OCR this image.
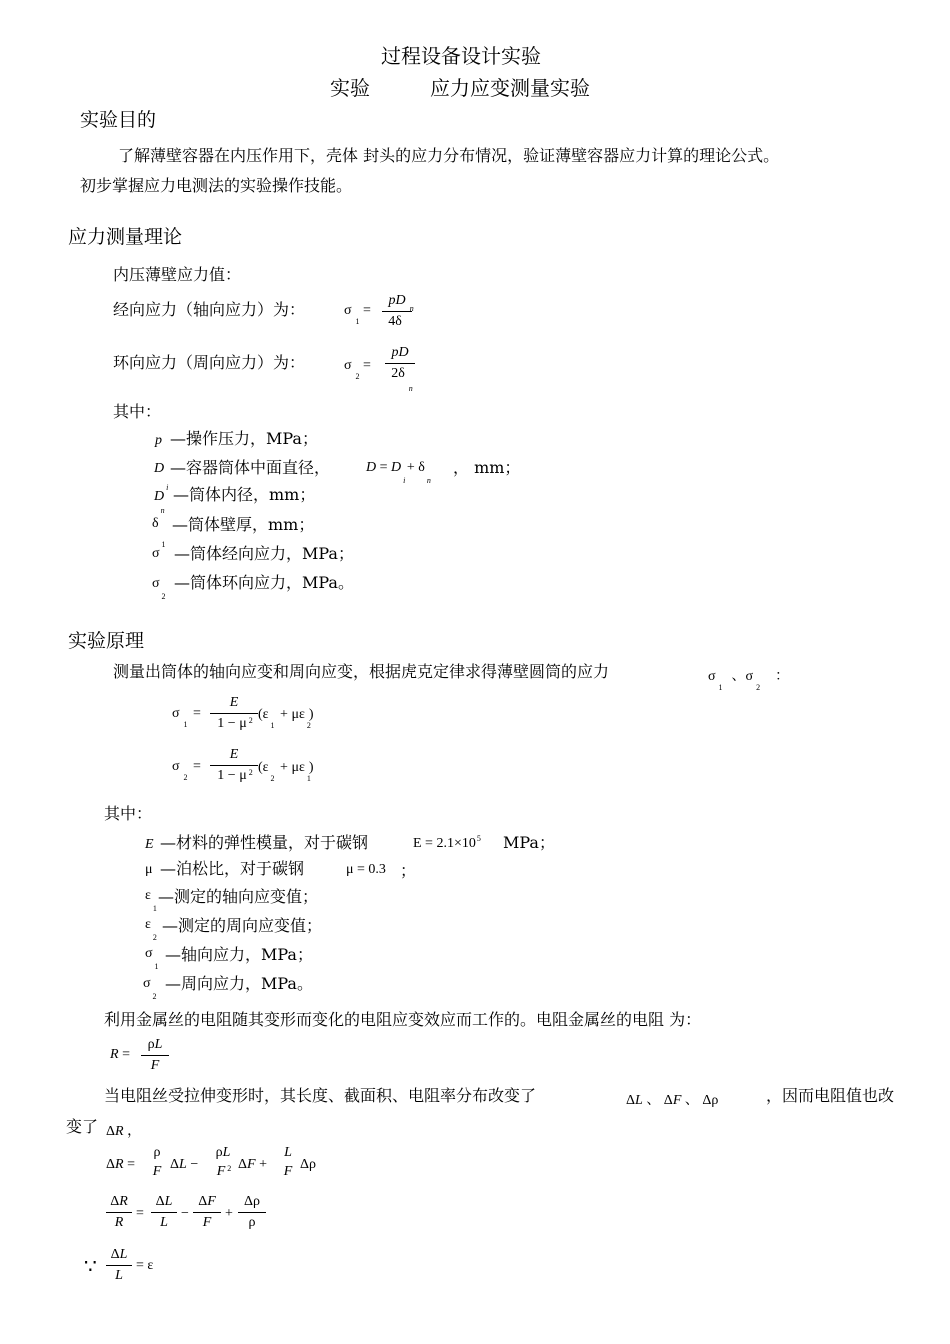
过程设备设计实验
实验	应力应变测量实验
实验目的
了解薄壁容器在内压作用下，壳体 封头的应力分布情况，验证薄壁容器应力计算的理论公式。
初步掌握应力电测法的实验操作技能。
应力测量理论
内压薄壁应力值：
经向应力（轴向应力）为：	$\sigma_1$ =
pD
$4\delta^n$
环向应力（周向应力）为：	$\sigma_2$ =
pD
$2\delta_n$
其中：
p —操作压力，MPa；
D —容器筒体中面直径，	$D = D_i + \delta_n$
， mm；
$D^i$ —筒体内径，mm；
$\delta^n$
—筒体壁厚，mm；
$\sigma^1$ —筒体经向应力，MPa；
$\sigma_2$
—筒体环向应力，MPa。
实验原理
测量出筒体的轴向应变和周向应变，根据虎克定律求得薄壁圆筒的应力	$\sigma_1$、$\sigma_2$：
$\sigma_1$ =
E
1 − μ $^2$ $(\varepsilon_1 + \mu\varepsilon_2)$
$\sigma_2$ =
E
1 − μ $^2$ $(\varepsilon_2 + \mu\varepsilon_1)$
其中：
E —材料的弹性模量，对于碳钢	$E = 2.1\times 10^5$ MPa；
μ —泊松比，对于碳钢	μ = 0.3 ；
$\varepsilon_1$
—测定的轴向应变值；
$\varepsilon_2$
—测定的周向应变值；
$\sigma_1$
—轴向应力，MPa；
$\sigma_2$
—周向应力，MPa。
利用金属丝的电阻随其变形而变化的电阻应变效应而工作的。电阻金属丝的电阻 为：
R =
ρL
F
当电阻丝受拉伸变形时，其长度、截面积、电阻率分布改变了	ΔL 、 ΔF 、 Δρ	，因而电阻值也改
变了 ΔR ，
ΔR =
ρ
F ΔL −
ρL
F $^2$ ΔF +
L
F Δρ
ΔR
R
=
ΔL
L
−
ΔF
F
+
Δρ
ρ
∵ ΔL
L
= ε
